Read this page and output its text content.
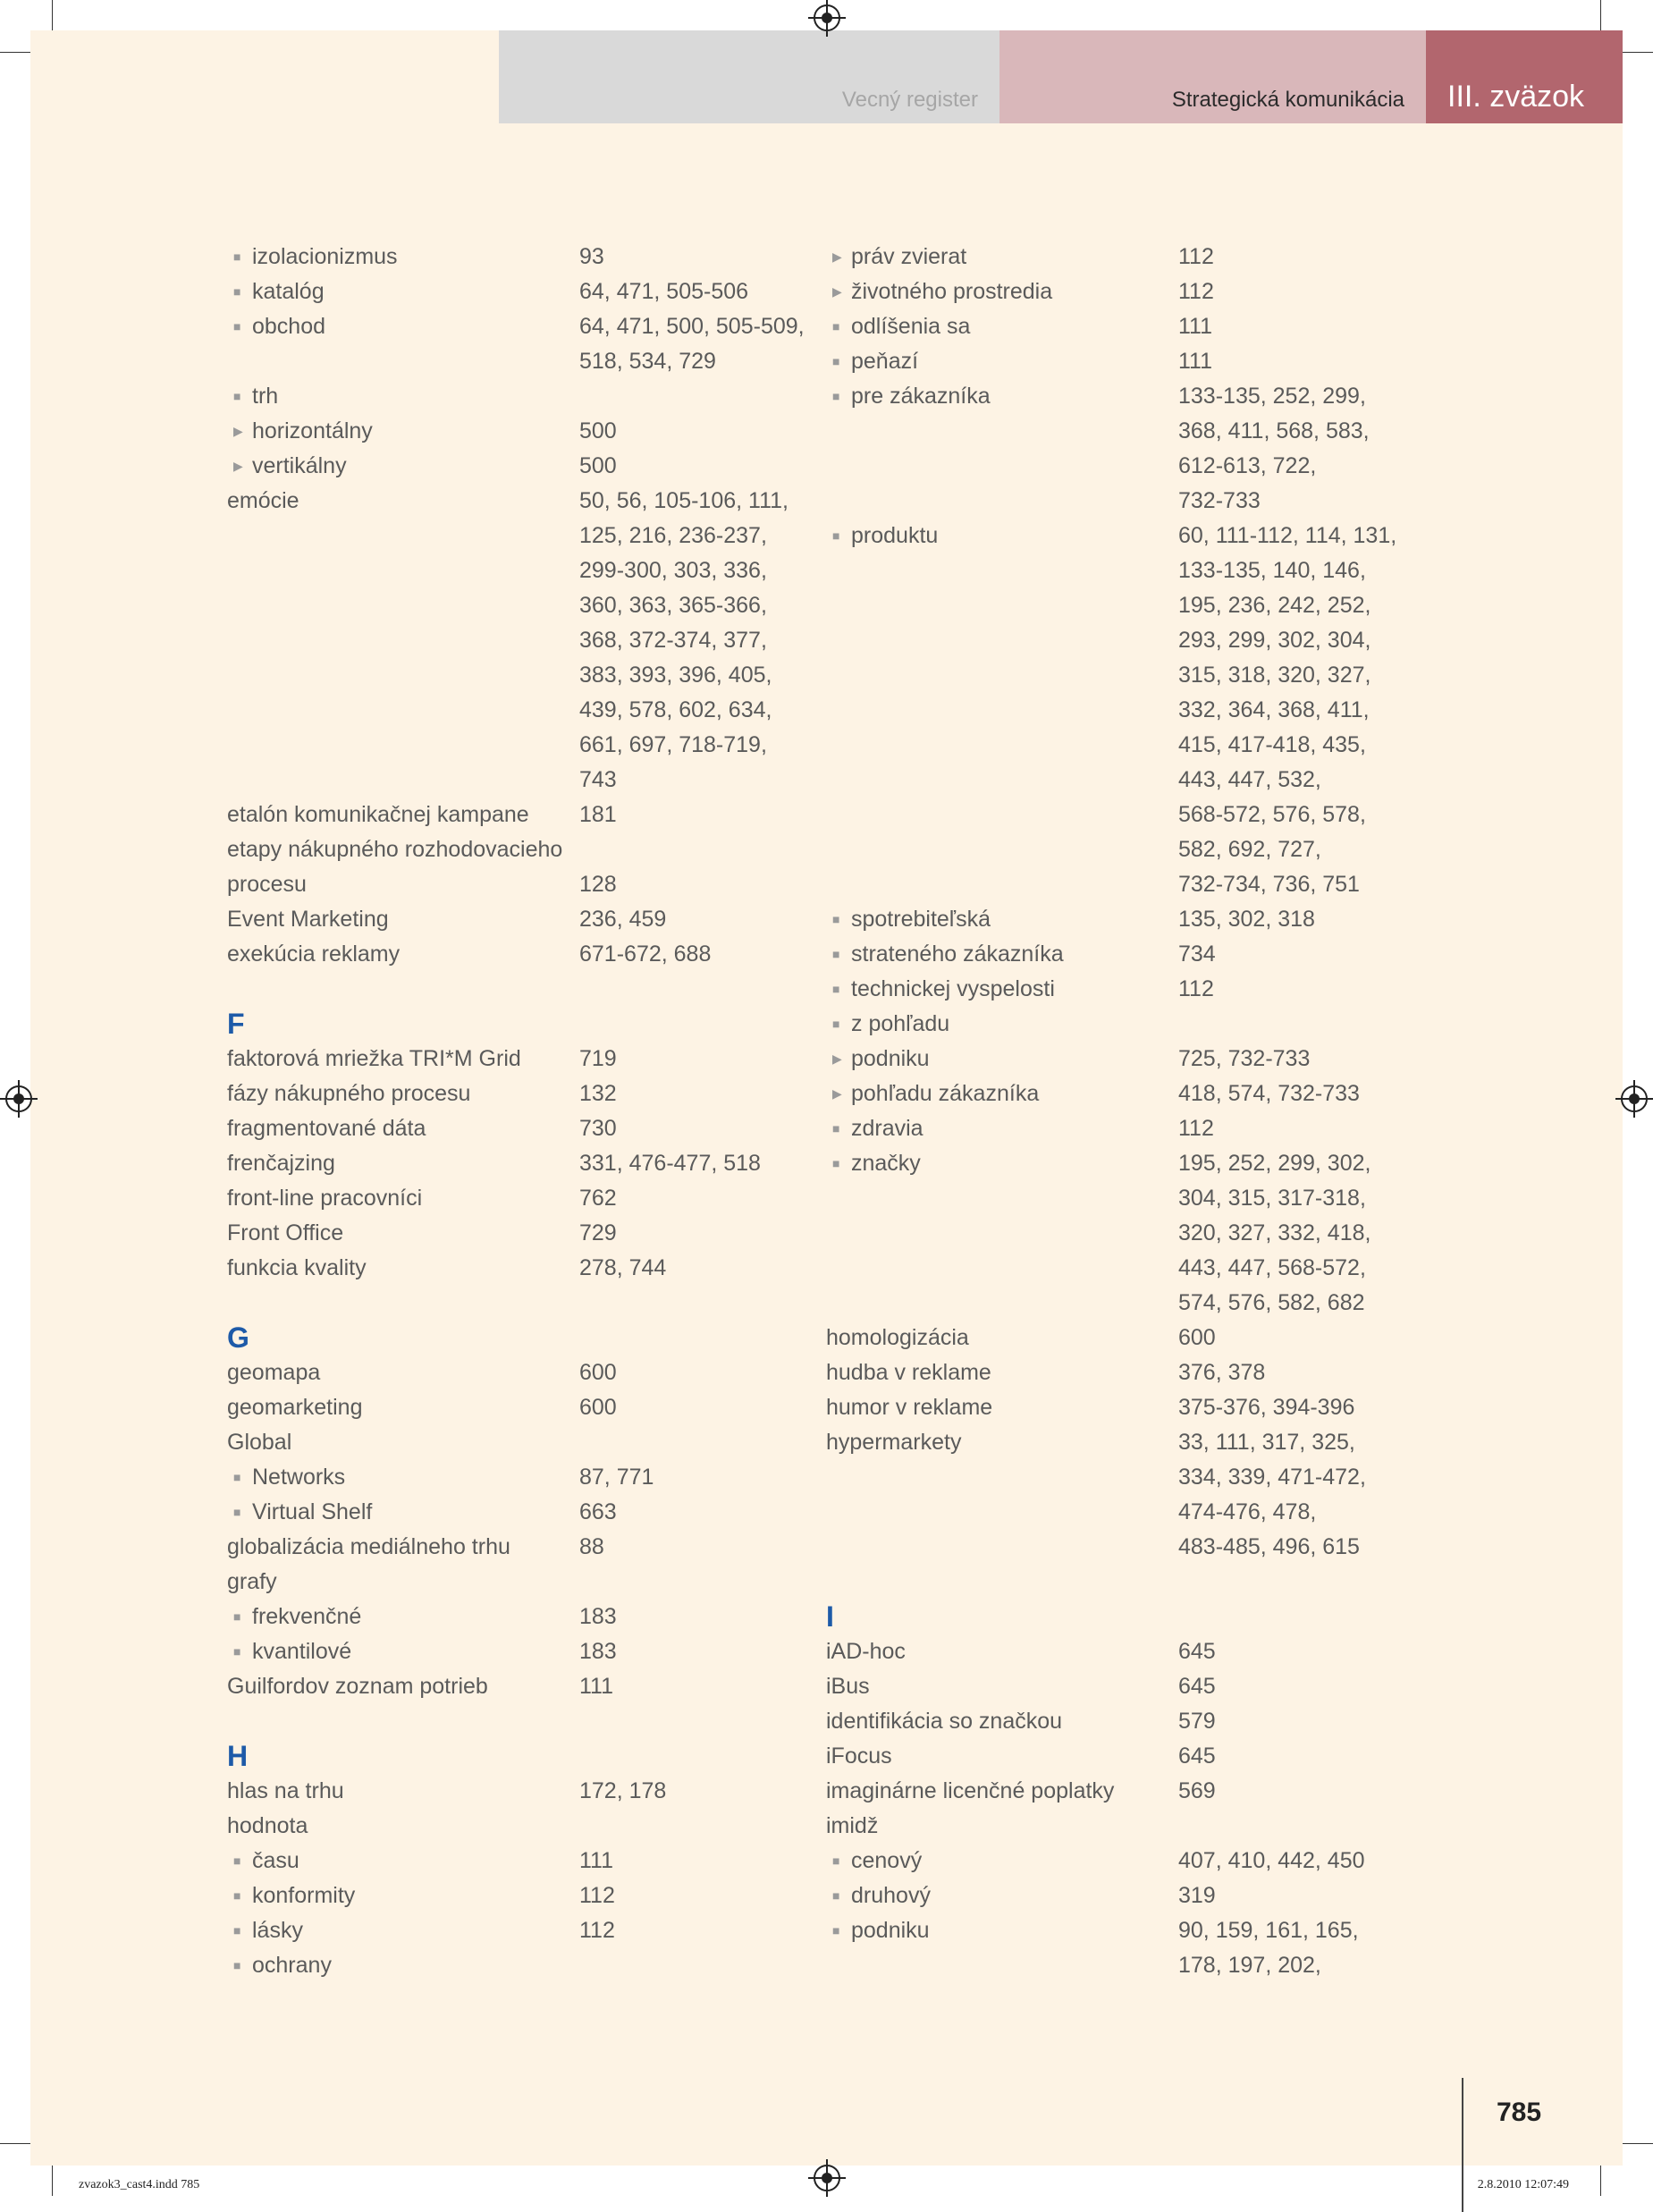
Vecný register	Strategická komunikácia III. zväzok
■ izolacionizmus	93
■ katalóg	64, 471, 505-506
■ obchod	64, 471, 500, 505-509,
518, 534, 729
■ trh
▶ horizontálny	500
▶ vertikálny	500
emócie	50, 56, 105-106, 111,
125, 216, 236-237,
299-300, 303, 336,
360, 363, 365-366,
368, 372-374, 377,
383, 393, 396, 405,
439, 578, 602, 634,
661, 697, 718-719,
743
etalón komunikačnej kampane 181
etapy nákupného rozhodovacieho
procesu	128
Event Marketing	236, 459
exekúcia reklamy	671-672, 688
F
faktorová mriežka TRI*M Grid	719
fázy nákupného procesu	132
fragmentované dáta	730
frenčajzing	331, 476-477, 518
front-line pracovníci	762
Front Office	729
funkcia kvality	278, 744
G
geomapa	600
geomarketing	600
Global
■ Networks	87, 771
■ Virtual Shelf	663
globalizácia mediálneho trhu	88
grafy
■ frekvenčné	183
■ kvantilové	183
Guilfordov zoznam potrieb	111
H
hlas na trhu	172, 178
hodnota
■ času	111
■ konformity	112
■ lásky	112
■ ochrany
▶ práv zvierat	112
▶ životného prostredia	112
■ odlíšenia sa	111
■ peňazí	111
■ pre zákazníka	133-135, 252, 299,
368, 411, 568, 583,
612-613, 722,
732-733
■ produktu	60, 111-112, 114, 131,
133-135, 140, 146,
195, 236, 242, 252,
293, 299, 302, 304,
315, 318, 320, 327,
332, 364, 368, 411,
415, 417-418, 435,
443, 447, 532,
568-572, 576, 578,
582, 692, 727,
732-734, 736, 751
■ spotrebiteľská	135, 302, 318
■ strateného zákazníka	734
■ technickej vyspelosti	112
■ z pohľadu
▶ podniku	725, 732-733
▶ pohľadu zákazníka	418, 574, 732-733
■ zdravia	112
■ značky	195, 252, 299, 302,
304, 315, 317-318,
320, 327, 332, 418,
443, 447, 568-572,
574, 576, 582, 682
homologizácia	600
hudba v reklame	376, 378
humor v reklame	375-376, 394-396
hypermarkety	33, 111, 317, 325,
334, 339, 471-472,
474-476, 478,
483-485, 496, 615
I
iAD-hoc	645
iBus	645
identifikácia so značkou	579
iFocus	645
imaginárne licenčné poplatky	569
imidž
■ cenový	407, 410, 442, 450
■ druhový	319
■ podniku	90, 159, 161, 165,
178, 197, 202,
785
zvazok3_cast4.indd 785	2.8.2010 12:07:49
